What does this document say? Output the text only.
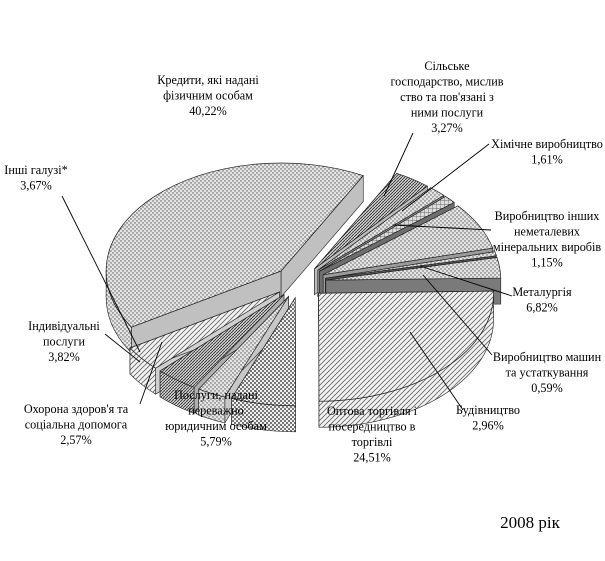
Сільське господарство, мислив ство та пов'язані з ними послуги 3,27%
Хімічне виробництво 1,61%
Виробництво інших неметалевих мінеральних виробів 1,15%
Металургія 6,82%
Виробництво машин та устаткування 0,59%
Будівництво 2,96%
Оптова торгівля і посередництво в торгівлі 24,51%
Послуги, надані переважно юридичним особам 5,79%
Охорона здоров'я та соціальна допомога 2,57%
Індивідуальні послуги 3,82%
Інші галузі* 3,67%
Кредити, які надані фізичним особам 40,22%
2008 рік
